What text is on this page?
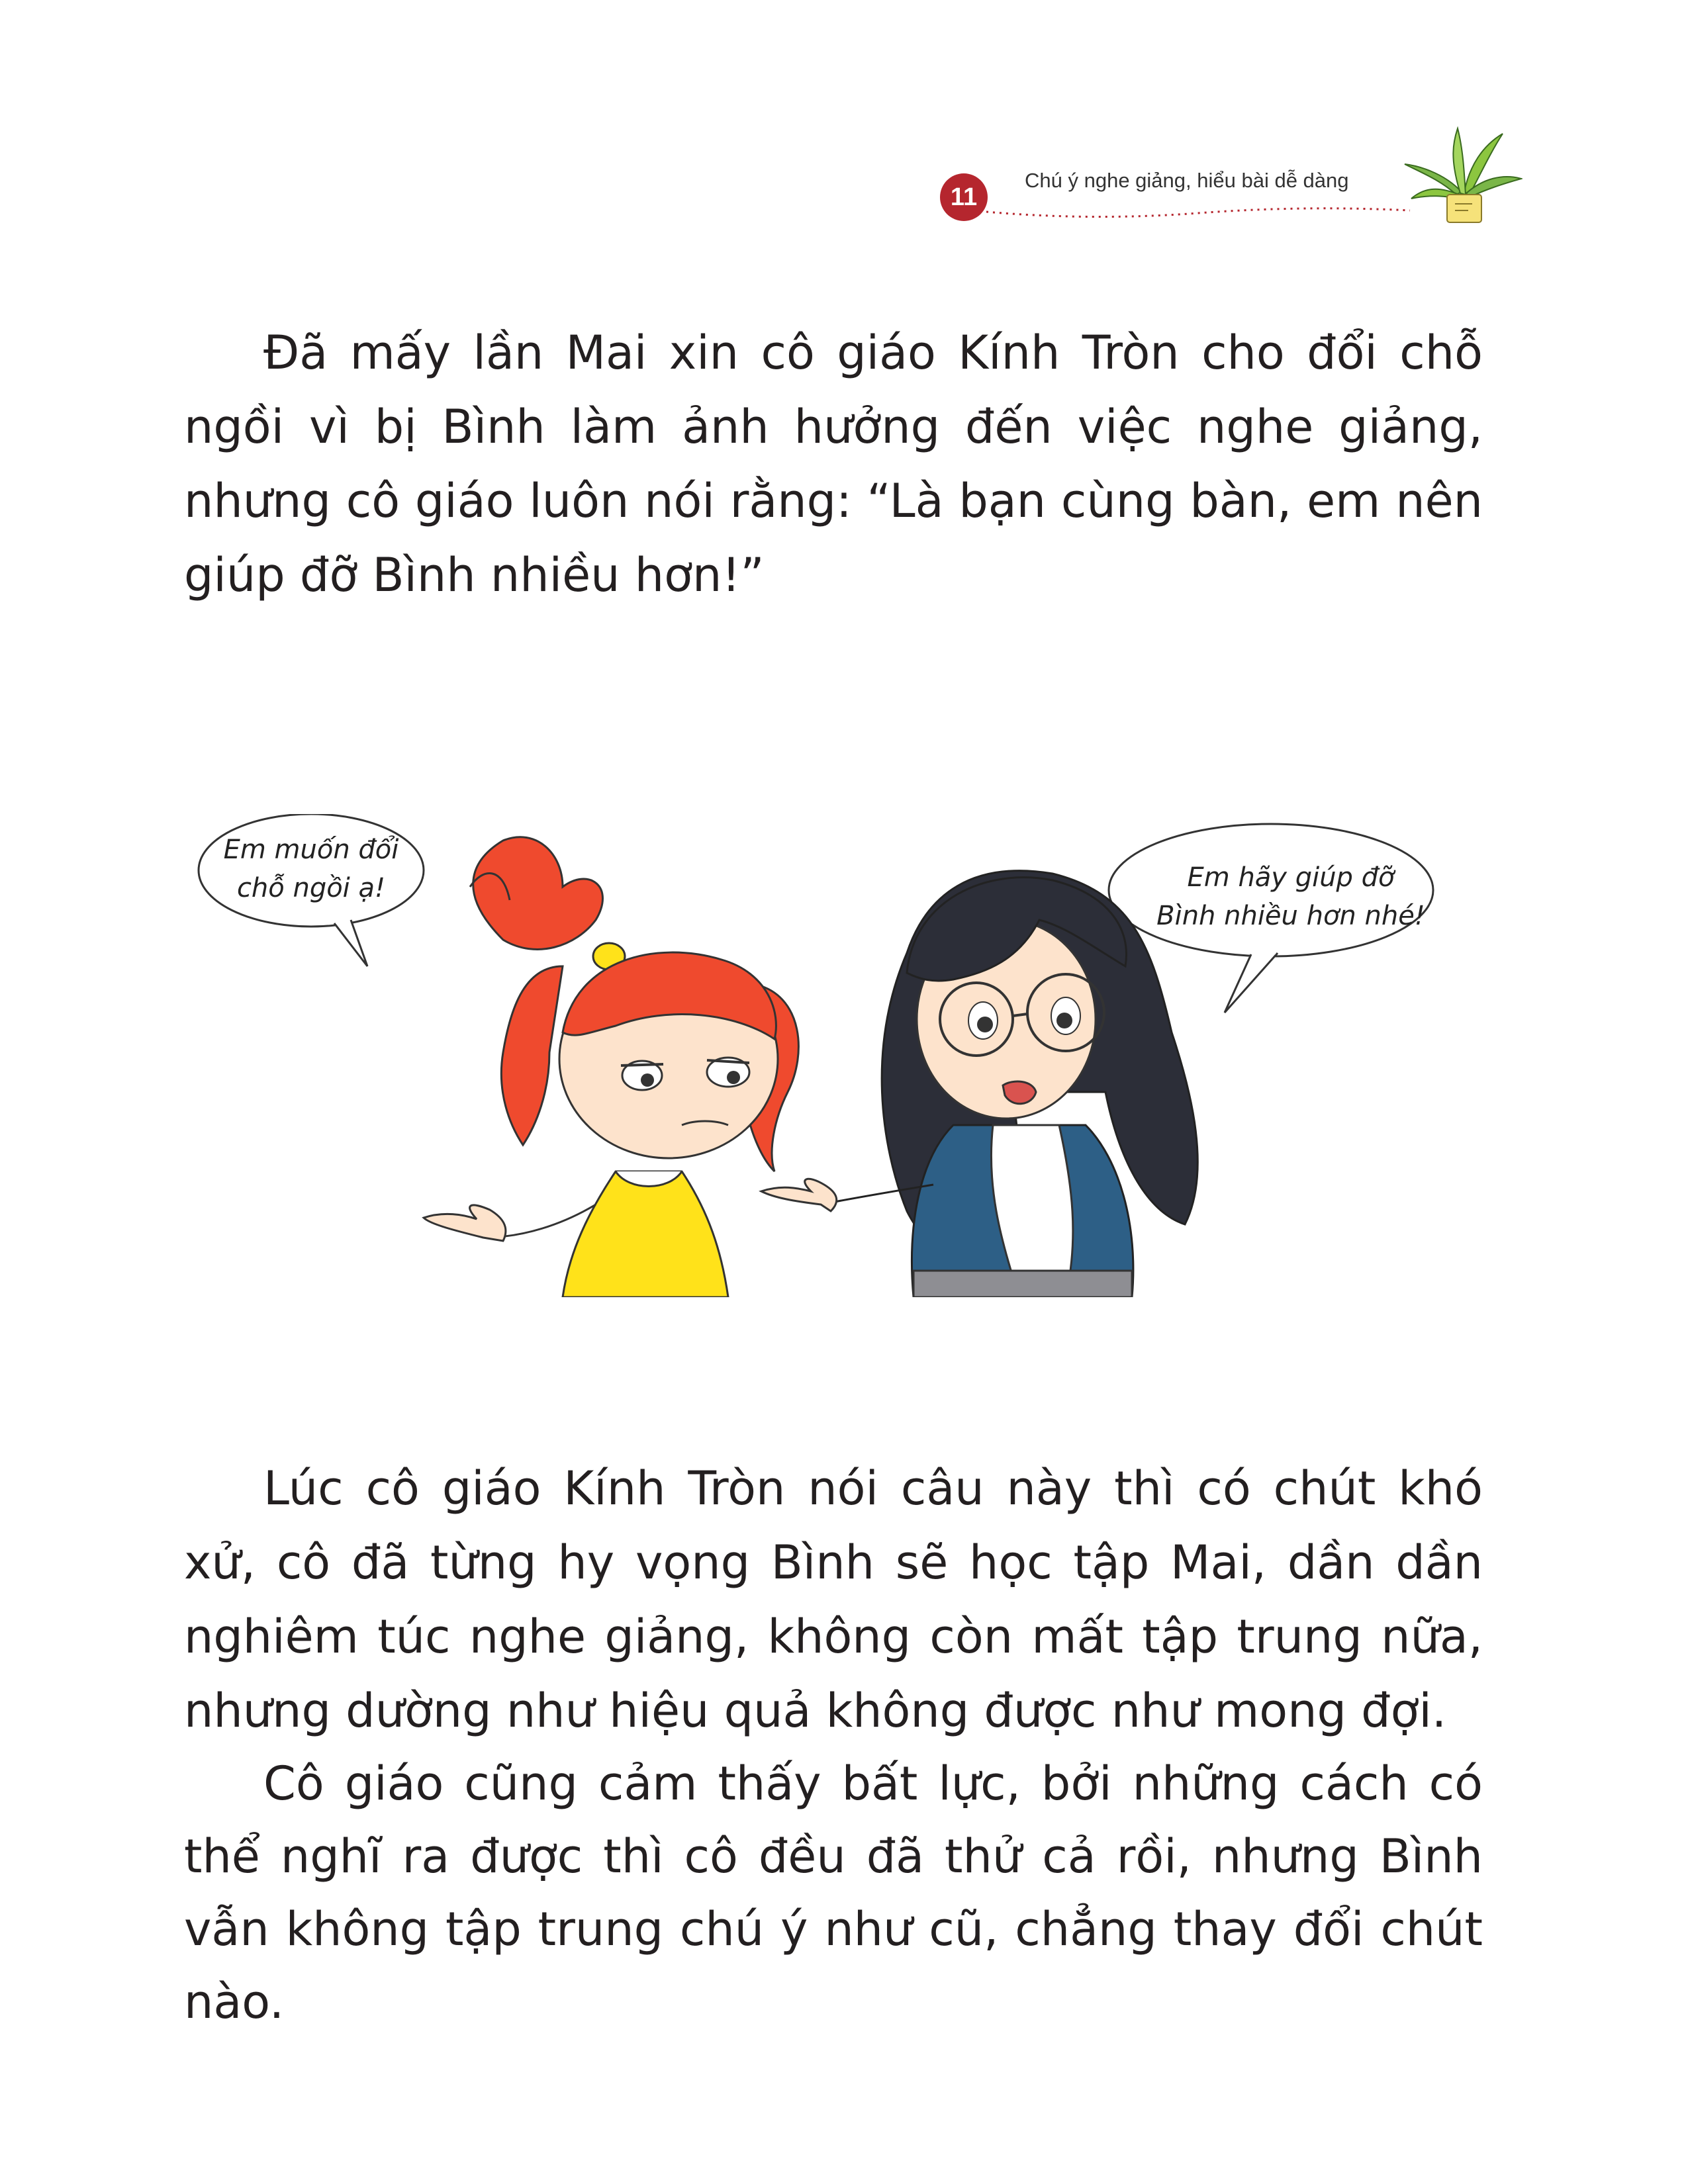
11
Chú ý nghe giảng, hiểu bài dễ dàng

Đã mấy lần Mai xin cô giáo Kính Tròn cho đổi chỗ ngồi vì bị Bình làm ảnh hưởng đến việc nghe giảng, nhưng cô giáo luôn nói rằng: “Là bạn cùng bàn, em nên giúp đỡ Bình nhiều hơn!”

Em muốn đổi
chỗ ngồi ạ!	Em hãy giúp đỡ
Bình nhiều hơn nhé!

Lúc cô giáo Kính Tròn nói câu này thì có chút khó xử, cô đã từng hy vọng Bình sẽ học tập Mai, dần dần nghiêm túc nghe giảng, không còn mất tập trung nữa, nhưng dường như hiệu quả không được như mong đợi.

Cô giáo cũng cảm thấy bất lực, bởi những cách có thể nghĩ ra được thì cô đều đã thử cả rồi, nhưng Bình vẫn không tập trung chú ý như cũ, chẳng thay đổi chút nào.
